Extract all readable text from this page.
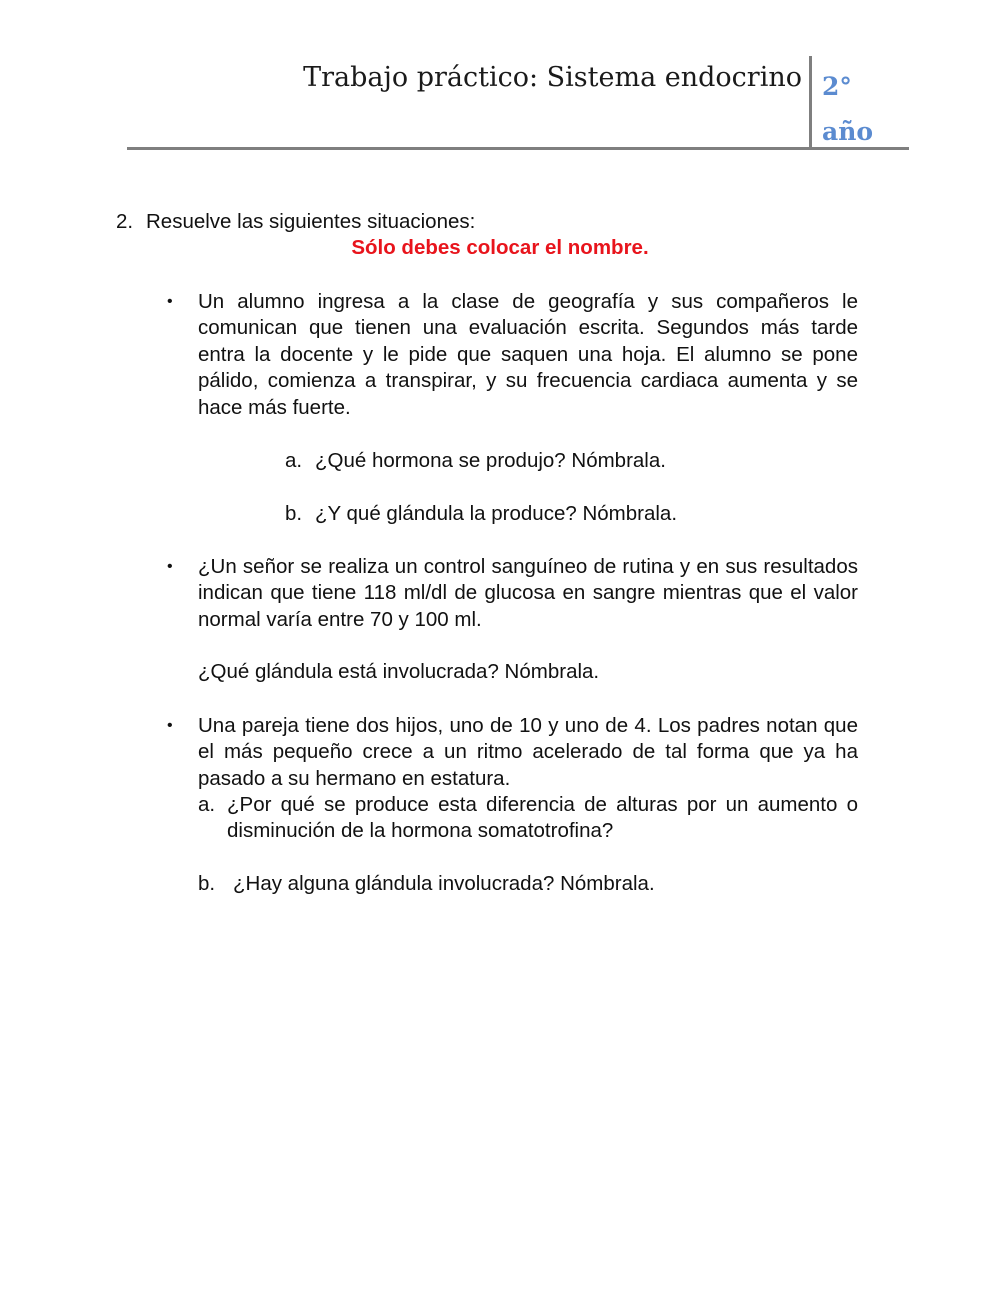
Trabajo práctico: Sistema endocrino 2°
año
2. Resuelve las siguientes situaciones:
Sólo debes colocar el nombre.
• Un alumno ingresa a la clase de geografía y sus compañeros le comunican que tienen una evaluación escrita. Segundos más tarde entra la docente y le pide que saquen una hoja. El alumno se pone pálido, comienza a transpirar, y su frecuencia cardiaca aumenta y se hace más fuerte.
a. ¿Qué hormona se produjo? Nómbrala.
b. ¿Y qué glándula la produce? Nómbrala.
• ¿Un señor se realiza un control sanguíneo de rutina y en sus resultados indican que tiene 118 ml/dl de glucosa en sangre mientras que el valor normal varía entre 70 y 100 ml.
¿Qué glándula está involucrada? Nómbrala.
• Una pareja tiene dos hijos, uno de 10 y uno de 4. Los padres notan que el más pequeño crece a un ritmo acelerado de tal forma que ya ha pasado a su hermano en estatura.
a. ¿Por qué se produce esta diferencia de alturas por un aumento o disminución de la hormona somatotrofina?
b. ¿Hay alguna glándula involucrada? Nómbrala.
